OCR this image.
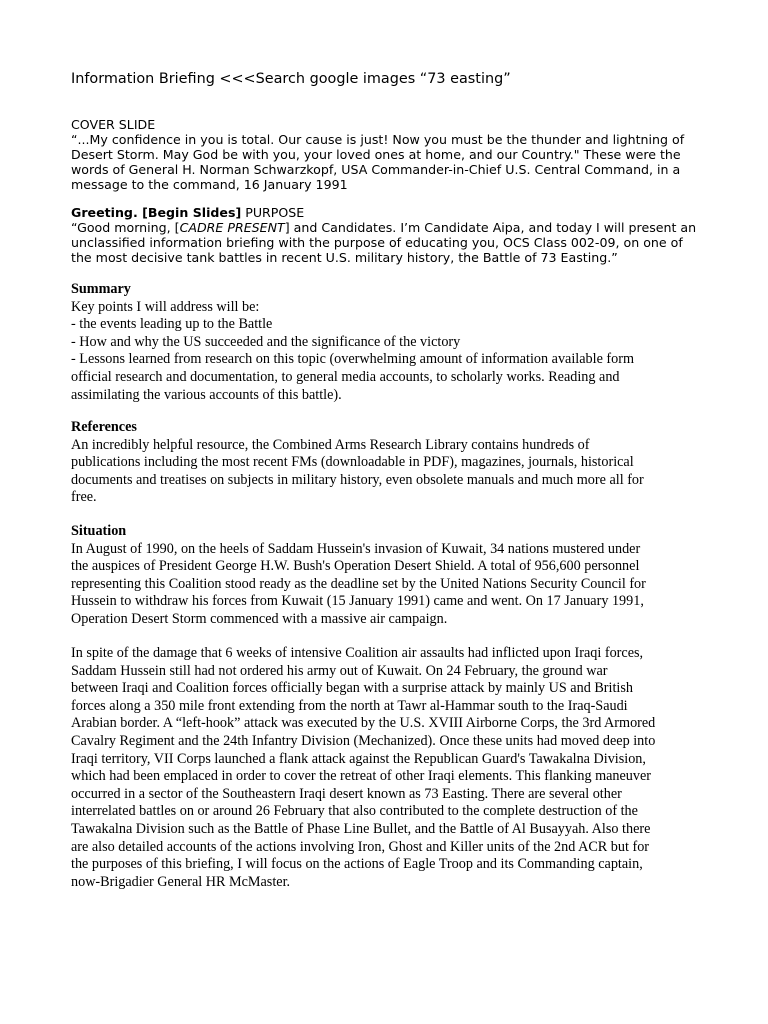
Information Briefing <<<Search google images “73 easting”
COVER SLIDE
“...My confidence in you is total. Our cause is just! Now you must be the thunder and lightning of
Desert Storm. May God be with you, your loved ones at home, and our Country." These were the
words of General H. Norman Schwarzkopf, USA Commander-in-Chief U.S. Central Command, in a
message to the command, 16 January 1991
Greeting. [Begin Slides] PURPOSE
“Good morning, [CADRE PRESENT] and Candidates. I’m Candidate Aipa, and today I will present an
unclassified information briefing with the purpose of educating you, OCS Class 002-09, on one of
the most decisive tank battles in recent U.S. military history, the Battle of 73 Easting.”
Summary
Key points I will address will be:
- the events leading up to the Battle
- How and why the US succeeded and the significance of the victory
- Lessons learned from research on this topic (overwhelming amount of information available form
official research and documentation, to general media accounts, to scholarly works. Reading and
assimilating the various accounts of this battle).
References
An incredibly helpful resource, the Combined Arms Research Library contains hundreds of
publications including the most recent FMs (downloadable in PDF), magazines, journals, historical
documents and treatises on subjects in military history, even obsolete manuals and much more all for
free.
Situation
In August of 1990, on the heels of Saddam Hussein's invasion of Kuwait, 34 nations mustered under
the auspices of President George H.W. Bush's Operation Desert Shield. A total of 956,600 personnel
representing this Coalition stood ready as the deadline set by the United Nations Security Council for
Hussein to withdraw his forces from Kuwait (15 January 1991) came and went. On 17 January 1991,
Operation Desert Storm commenced with a massive air campaign.
In spite of the damage that 6 weeks of intensive Coalition air assaults had inflicted upon Iraqi forces,
Saddam Hussein still had not ordered his army out of Kuwait. On 24 February, the ground war
between Iraqi and Coalition forces officially began with a surprise attack by mainly US and British
forces along a 350 mile front extending from the north at Tawr al-Hammar south to the Iraq-Saudi
Arabian border. A “left-hook” attack was executed by the U.S. XVIII Airborne Corps, the 3rd Armored
Cavalry Regiment and the 24th Infantry Division (Mechanized). Once these units had moved deep into
Iraqi territory, VII Corps launched a flank attack against the Republican Guard's Tawakalna Division,
which had been emplaced in order to cover the retreat of other Iraqi elements. This flanking maneuver
occurred in a sector of the Southeastern Iraqi desert known as 73 Easting. There are several other
interrelated battles on or around 26 February that also contributed to the complete destruction of the
Tawakalna Division such as the Battle of Phase Line Bullet, and the Battle of Al Busayyah. Also there
are also detailed accounts of the actions involving Iron, Ghost and Killer units of the 2nd ACR but for
the purposes of this briefing, I will focus on the actions of Eagle Troop and its Commanding captain,
now-Brigadier General HR McMaster.
